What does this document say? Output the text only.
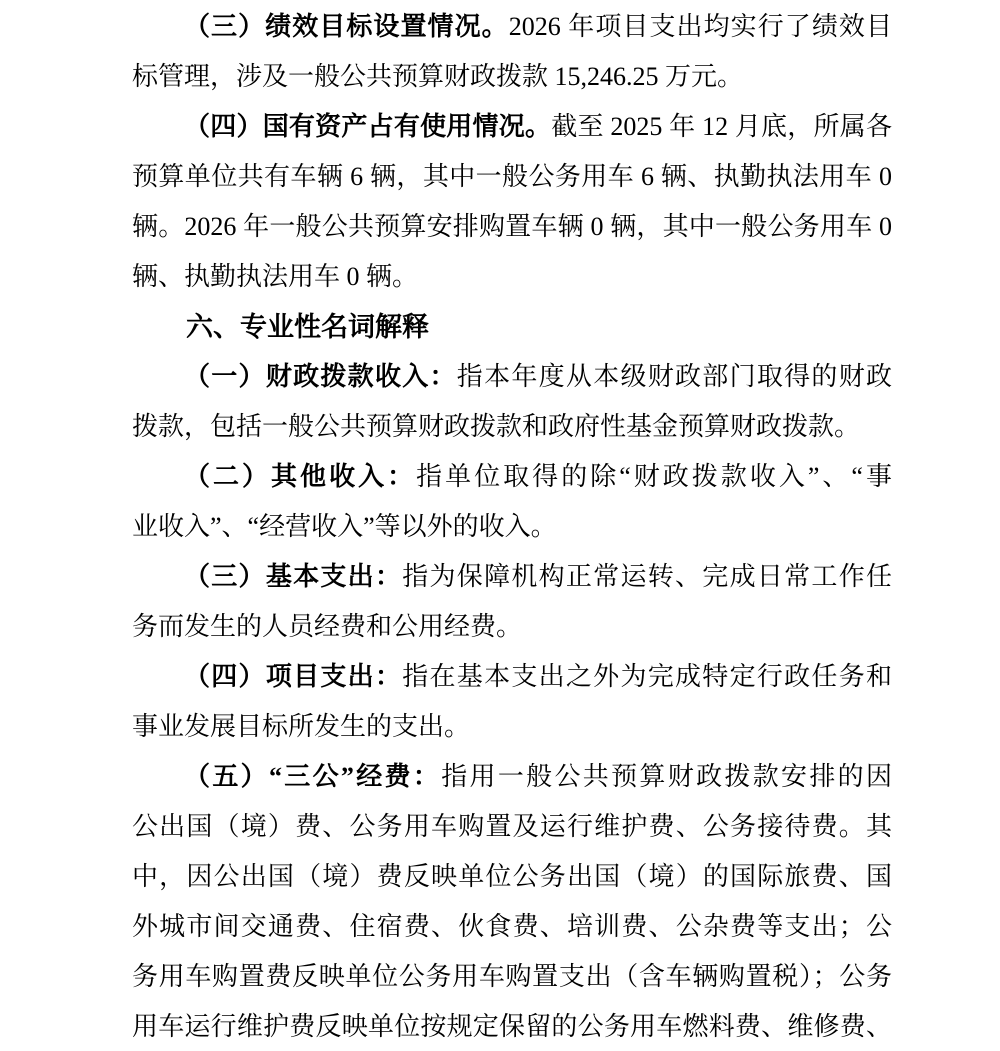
（三）绩效目标设置情况。2026 年项目支出均实行了绩效目
标管理，涉及一般公共预算财政拨款 15,246.25 万元。
（四）国有资产占有使用情况。截至 2025 年 12 月底，所属各
预算单位共有车辆 6 辆，其中一般公务用车 6 辆、执勤执法用车 0
辆。2026 年一般公共预算安排购置车辆 0 辆，其中一般公务用车 0
辆、执勤执法用车 0 辆。
六、专业性名词解释
（一）财政拨款收入：指本年度从本级财政部门取得的财政
拨款，包括一般公共预算财政拨款和政府性基金预算财政拨款。
（二）其他收入：指单位取得的除“财政拨款收入”、“事
业收入”、“经营收入”等以外的收入。
（三）基本支出：指为保障机构正常运转、完成日常工作任
务而发生的人员经费和公用经费。
（四）项目支出：指在基本支出之外为完成特定行政任务和
事业发展目标所发生的支出。
（五）“三公”经费：指用一般公共预算财政拨款安排的因
公出国（境）费、公务用车购置及运行维护费、公务接待费。其
中，因公出国（境）费反映单位公务出国（境）的国际旅费、国
外城市间交通费、住宿费、伙食费、培训费、公杂费等支出；公
务用车购置费反映单位公务用车购置支出（含车辆购置税）；公务
用车运行维护费反映单位按规定保留的公务用车燃料费、维修费、
